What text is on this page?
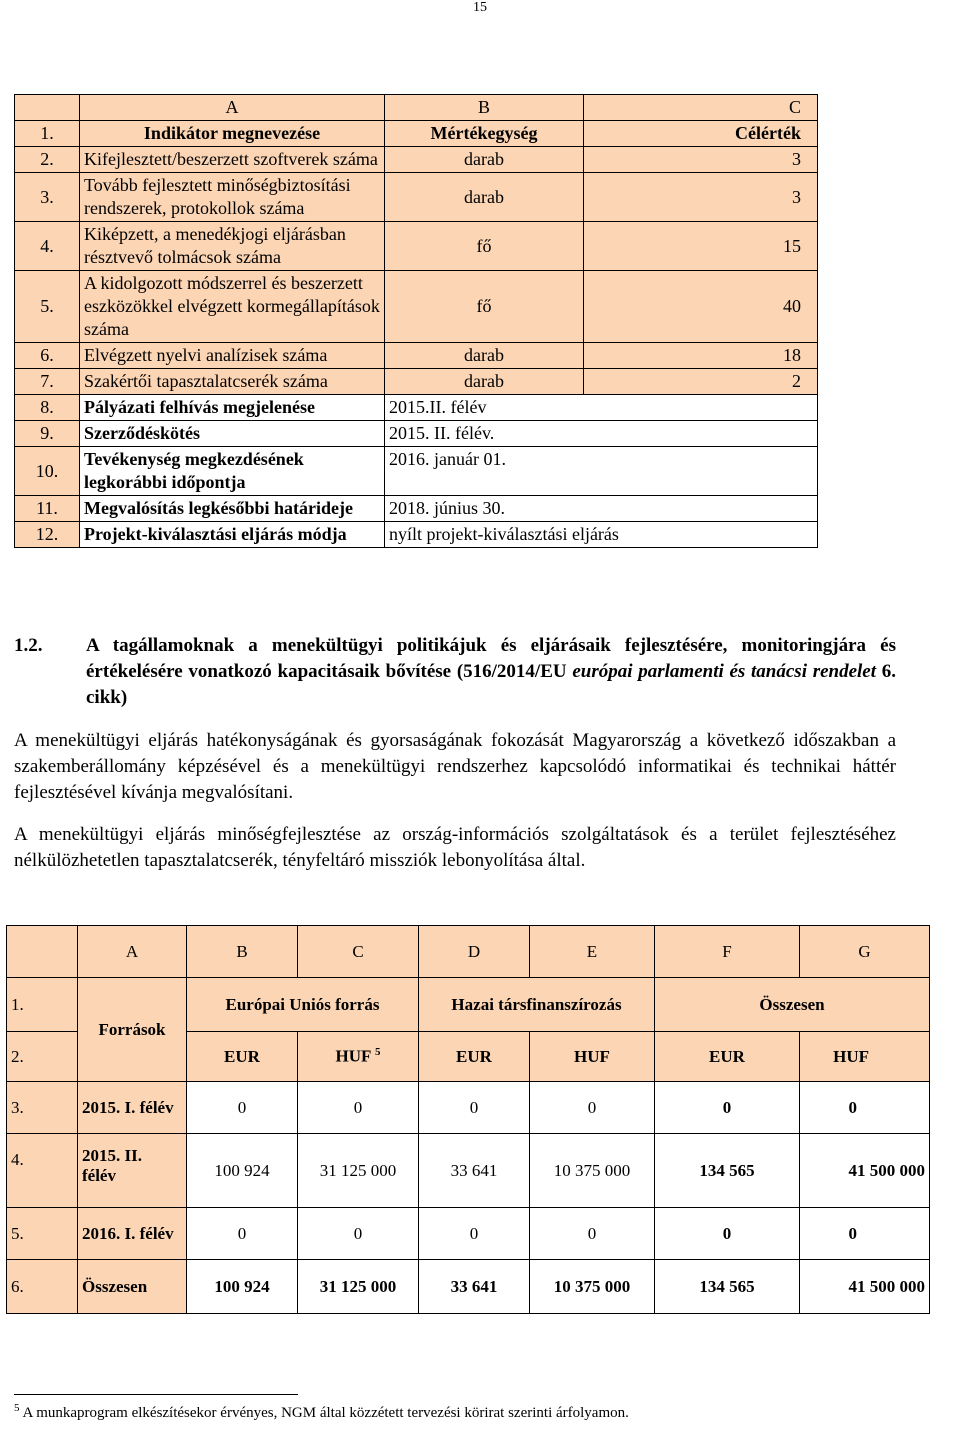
15
	A	B	C
1.	Indikátor megnevezése	Mértékegység	Célérték
2.	Kifejlesztett/beszerzett szoftverek száma	darab	3
3.	Tovább fejlesztett minőségbiztosítási rendszerek, protokollok száma	darab	3
4.	Kiképzett, a menedékjogi eljárásban résztvevő tolmácsok száma	fő	15
5.	A kidolgozott módszerrel és beszerzett eszközökkel elvégzett kormegállapítások száma	fő	40
6.	Elvégzett nyelvi analízisek száma	darab	18
7.	Szakértői tapasztalatcserék száma	darab	2
8.	Pályázati felhívás megjelenése	2015.II. félév	
9.	Szerződéskötés	2015. II. félév.	
10.	Tevékenység megkezdésének legkorábbi időpontja	2016. január 01.	
11.	Megvalósítás legkésőbbi határideje	2018. június 30.	
12.	Projekt-kiválasztási eljárás módja	nyílt projekt-kiválasztási eljárás	
1.2. A tagállamoknak a menekültügyi politikájuk és eljárásaik fejlesztésére, monitoringjára és értékelésére vonatkozó kapacitásaik bővítése (516/2014/EU európai parlamenti és tanácsi rendelet 6. cikk)
A menekültügyi eljárás hatékonyságának és gyorsaságának fokozását Magyarország a következő időszakban a szakemberállomány képzésével és a menekültügyi rendszerhez kapcsolódó informatikai és technikai háttér fejlesztésével kívánja megvalósítani.
A menekültügyi eljárás minőségfejlesztése az ország-információs szolgáltatások és a terület fejlesztéséhez nélkülözhetetlen tapasztalatcserék, tényfeltáró missziók lebonyolítása által.
	A	B	C	D	E	F	G
1.	Források	Európai Uniós forrás		Hazai társfinanszírozás		Összesen	
2.		EUR	HUF $^5$	EUR	HUF	EUR	HUF
3.	2015. I. félév	0	0	0	0	0	0
4.	2015. II. félév	100 924	31 125 000	33 641	10 375 000	134 565	41 500 000
5.	2016. I. félév	0	0	0	0	0	0
6.	Összesen	100 924	31 125 000	33 641	10 375 000	134 565	41 500 000
$^5$ A munkaprogram elkészítésekor érvényes, NGM által közzétett tervezési körirat szerinti árfolyamon.
